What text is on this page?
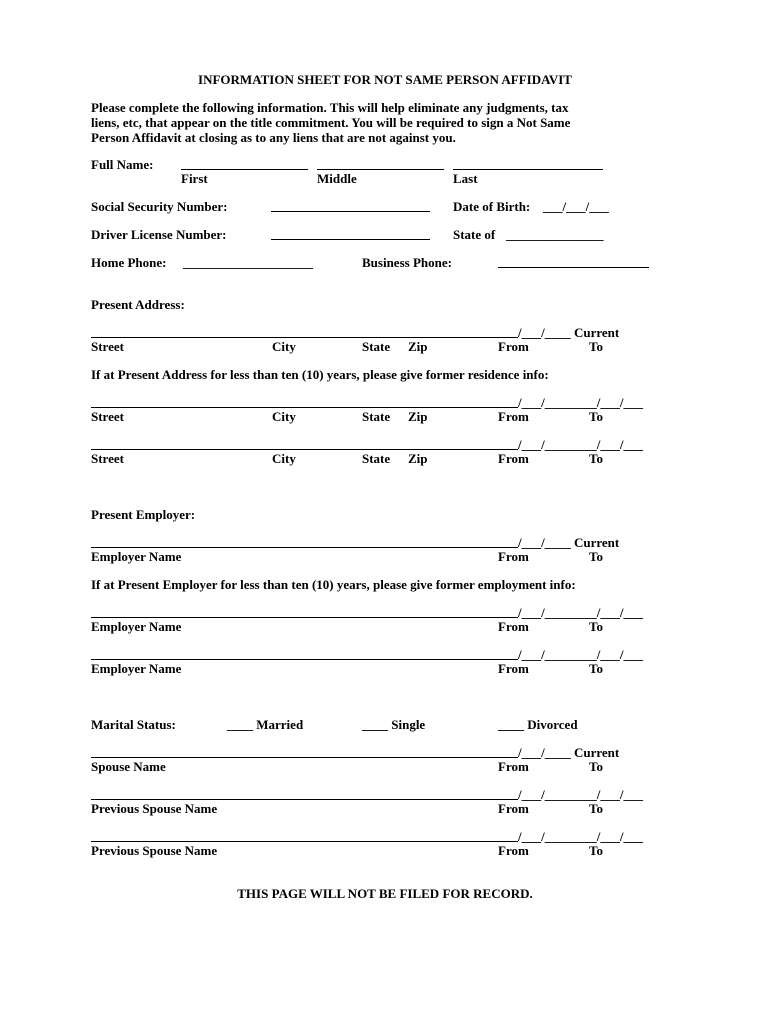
INFORMATION SHEET FOR NOT SAME PERSON AFFIDAVIT
Please complete the following information. This will help eliminate any judgments, tax
liens, etc, that appear on the title commitment. You will be required to sign a Not Same
Person Affidavit at closing as to any liens that are not against you.
Full Name:
First	Middle	Last
Social Security Number:	Date of Birth: ___/___/___
Driver License Number:	State of _______________
Home Phone: ____________________	Business Phone:
Present Address:
/___/____ Current
Street	City	State Zip	From	To
If at Present Address for less than ten (10) years, please give former residence info:
/___/________/___/___
Street	City	State Zip	From	To
/___/________/___/___
Street	City	State Zip	From	To
Present Employer:
/___/____ Current
Employer Name	From	To
If at Present Employer for less than ten (10) years, please give former employment info:
/___/________/___/___
Employer Name	From	To
/___/________/___/___
Employer Name	From	To
Marital Status:	____ Married	____ Single	____ Divorced
/___/____ Current
Spouse Name	From	To
/___/________/___/___
Previous Spouse Name	From	To
/___/________/___/___
Previous Spouse Name	From	To
THIS PAGE WILL NOT BE FILED FOR RECORD.
